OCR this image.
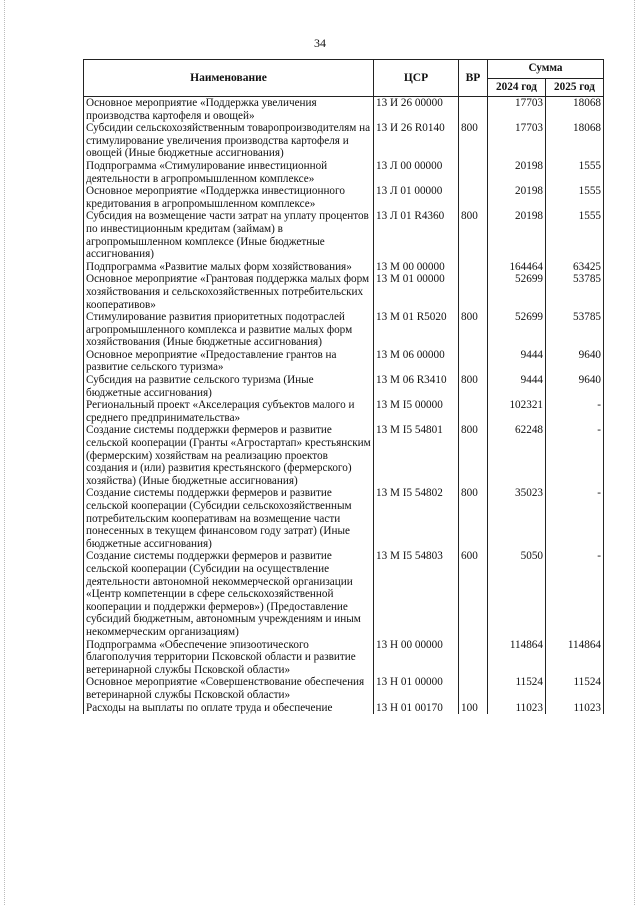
34
Наименование	ЦСР	ВР	Сумма	
			2024 год	2025 год
Основное мероприятие «Поддержка увеличения производства картофеля и овощей»	13 И 26 00000		17703	18068
Субсидии сельскохозяйственным товаропроизводителям на стимулирование увеличения производства картофеля и овощей (Иные бюджетные ассигнования)	13 И 26 R0140	800	17703	18068
Подпрограмма «Стимулирование инвестиционной деятельности в агропромышленном комплексе»	13 Л 00 00000		20198	1555
Основное мероприятие «Поддержка инвестиционного кредитования в агропромышленном комплексе»	13 Л 01 00000		20198	1555
Субсидия на возмещение части затрат на уплату процентов по инвестиционным кредитам (займам) в агропромышленном комплексе (Иные бюджетные ассигнования)	13 Л 01 R4360	800	20198	1555
Подпрограмма «Развитие малых форм хозяйствования»	13 М 00 00000		164464	63425
Основное мероприятие «Грантовая поддержка малых форм хозяйствования и сельскохозяйственных потребительских кооперативов»	13 М 01 00000		52699	53785
Стимулирование развития приоритетных подотраслей агропромышленного комплекса и развитие малых форм хозяйствования (Иные бюджетные ассигнования)	13 М 01 R5020	800	52699	53785
Основное мероприятие «Предоставление грантов на развитие сельского туризма»	13 М 06 00000		9444	9640
Субсидия на развитие сельского туризма (Иные бюджетные ассигнования)	13 М 06 R3410	800	9444	9640
Региональный проект «Акселерация субъектов малого и среднего предпринимательства»	13 М I5 00000		102321	-
Создание системы поддержки фермеров и развитие сельской кооперации (Гранты «Агростартап» крестьянским (фермерским) хозяйствам на реализацию проектов создания и (или) развития крестьянского (фермерского) хозяйства) (Иные бюджетные ассигнования)	13 М I5 54801	800	62248	-
Создание системы поддержки фермеров и развитие сельской кооперации (Субсидии сельскохозяйственным потребительским кооперативам на возмещение части понесенных в текущем финансовом году затрат) (Иные бюджетные ассигнования)	13 М I5 54802	800	35023	-
Создание системы поддержки фермеров и развитие сельской кооперации (Субсидии на осуществление деятельности автономной некоммерческой организации «Центр компетенции в сфере сельскохозяйственной кооперации и поддержки фермеров») (Предоставление субсидий бюджетным, автономным учреждениям и иным некоммерческим организациям)	13 М I5 54803	600	5050	-
Подпрограмма «Обеспечение эпизоотического благополучия территории Псковской области и развитие ветеринарной службы Псковской области»	13 Н 00 00000		114864	114864
Основное мероприятие «Совершенствование обеспечения ветеринарной службы Псковской области»	13 Н 01 00000		11524	11524
Расходы на выплаты по оплате труда и обеспечение	13 Н 01 00170	100	11023	11023
